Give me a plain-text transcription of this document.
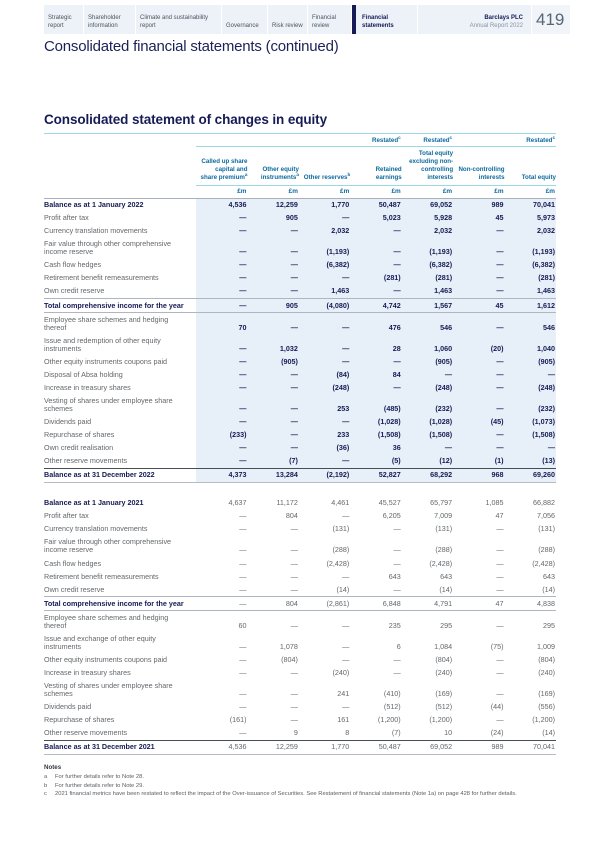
Strategic report
Shareholder information
Climate and sustainability report	Governance	Risk review
Financial review
Financial statements
Barclays PLC
Annual Report 2022 419
Consolidated financial statements (continued)
Consolidated statement of changes in equity
				Restated$^c$	Restated$^c$		Restated$^c$
	Called up share capital and share premium$^a$	Other equity instruments$^a$	Other reserves$^b$	Retained earnings	Total equity excluding non-controlling interests	Non-controlling interests	Total equity
	£m	£m	£m	£m	£m	£m	£m
Balance as at 1 January 2022	4,536	12,259	1,770	50,487	69,052	989	70,041
Profit after tax	—	905	—	5,023	5,928	45	5,973
Currency translation movements	—	—	2,032	—	2,032	—	2,032
Fair value through other comprehensive income reserve	—	—	(1,193)	—	(1,193)	—	(1,193)
Cash flow hedges	—	—	(6,382)	—	(6,382)	—	(6,382)
Retirement benefit remeasurements	—	—	—	(281)	(281)	—	(281)
Own credit reserve	—	—	1,463	—	1,463	—	1,463
Total comprehensive income for the year	—	905	(4,080)	4,742	1,567	45	1,612
Employee share schemes and hedging thereof	70	—	—	476	546	—	546
Issue and redemption of other equity instruments	—	1,032	—	28	1,060	(20)	1,040
Other equity instruments coupons paid	—	(905)	—	—	(905)	—	(905)
Disposal of Absa holding	—	—	(84)	84	—	—	—
Increase in treasury shares	—	—	(248)	—	(248)	—	(248)
Vesting of shares under employee share schemes	—	—	253	(485)	(232)	—	(232)
Dividends paid	—	—	—	(1,028)	(1,028)	(45)	(1,073)
Repurchase of shares	(233)	—	233	(1,508)	(1,508)	—	(1,508)
Own credit realisation	—	—	(36)	36	—	—	—
Other reserve movements	—	(7)	—	(5)	(12)	(1)	(13)
Balance as at 31 December 2022	4,373	13,284	(2,192)	52,827	68,292	968	69,260

Balance as at 1 January 2021	4,637	11,172	4,461	45,527	65,797	1,085	66,882
Profit after tax	—	804	—	6,205	7,009	47	7,056
Currency translation movements	—	—	(131)	—	(131)	—	(131)
Fair value through other comprehensive income reserve	—	—	(288)	—	(288)	—	(288)
Cash flow hedges	—	—	(2,428)	—	(2,428)	—	(2,428)
Retirement benefit remeasurements	—	—	—	643	643	—	643
Own credit reserve	—	—	(14)	—	(14)	—	(14)
Total comprehensive income for the year	—	804	(2,861)	6,848	4,791	47	4,838
Employee share schemes and hedging thereof	60	—	—	235	295	—	295
Issue and exchange of other equity instruments	—	1,078	—	6	1,084	(75)	1,009
Other equity instruments coupons paid	—	(804)	—	—	(804)	—	(804)
Increase in treasury shares	—	—	(240)	—	(240)	—	(240)
Vesting of shares under employee share schemes	—	—	241	(410)	(169)	—	(169)
Dividends paid	—	—	—	(512)	(512)	(44)	(556)
Repurchase of shares	(161)	—	161	(1,200)	(1,200)	—	(1,200)
Other reserve movements	—	9	8	(7)	10	(24)	(14)
Balance as at 31 December 2021	4,536	12,259	1,770	50,487	69,052	989	70,041
Notes
a	For further details refer to Note 28.
b	For further details refer to Note 29.
c	2021 financial metrics have been restated to reflect the impact of the Over-issuance of Securities. See Restatement of financial statements (Note 1a) on page 428 for further details.
